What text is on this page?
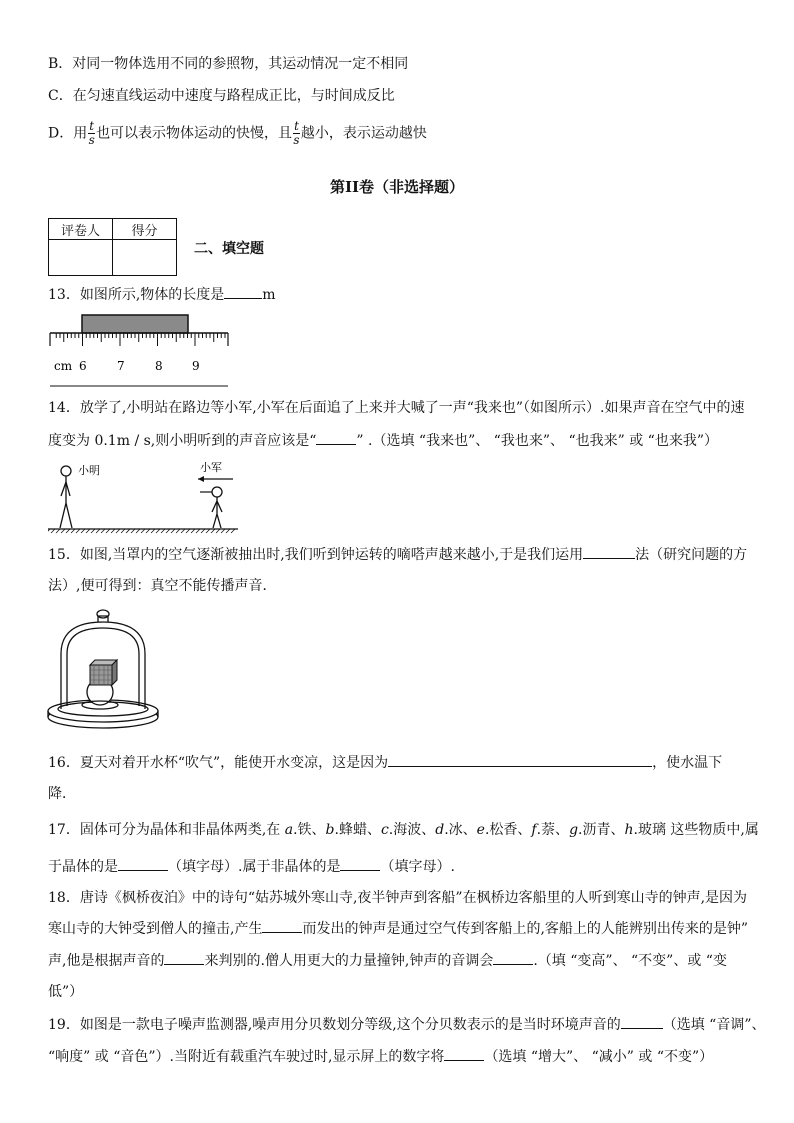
B．对同一物体选用不同的参照物，其运动情况一定不相同
C．在匀速直线运动中速度与路程成正比，与时间成反比
D．用 $\frac{t}{s}$ 也可以表示物体运动的快慢，且 $\frac{t}{s}$ 越小，表示运动越快
第II卷（非选择题）
评卷人	得分

二、填空题
13．如图所示,物体的长度是	m
cm 6	7	8 9
14．放学了,小明站在路边等小军,小军在后面追了上来并大喊了一声“我来也”（如图所示）.如果声音在空气中的速
度变为 0.1m / s,则小明听到的声音应该是“	” .（选填 “我来也”、 “我也来”、 “也我来” 或 “也来我”）
小明	小军
15．如图,当罩内的空气逐渐被抽出时,我们听到钟运转的嘀嗒声越来越小,于是我们运用	法（研究问题的方
法）,便可得到：真空不能传播声音．
16．夏天对着开水杯“吹气”，能使开水变凉，这是因为	，使水温下
降．
17．固体可分为晶体和非晶体两类,在 a.铁、b.蜂蜡、c.海波、d.冰、e.松香、f.萘、g.沥青、h.玻璃 这些物质中,属
于晶体的是	（填字母）.属于非晶体的是	（填字母）.
18．唐诗《枫桥夜泊》中的诗句“姑苏城外寒山寺,夜半钟声到客船”在枫桥边客船里的人听到寒山寺的钟声,是因为
寒山寺的大钟受到僧人的撞击,产生	而发出的钟声是通过空气传到客船上的,客船上的人能辨别出传来的是钟”
声,他是根据声音的	来判别的.僧人用更大的力量撞钟,钟声的音调会	.（填 “变高”、 “不变”、或 “变
低”）
19．如图是一款电子噪声监测器,噪声用分贝数划分等级,这个分贝数表示的是当时环境声音的	（选填 “音调”、
“响度” 或 “音色”）.当附近有载重汽车驶过时,显示屏上的数字将	（选填 “增大”、 “减小” 或 “不变”）
